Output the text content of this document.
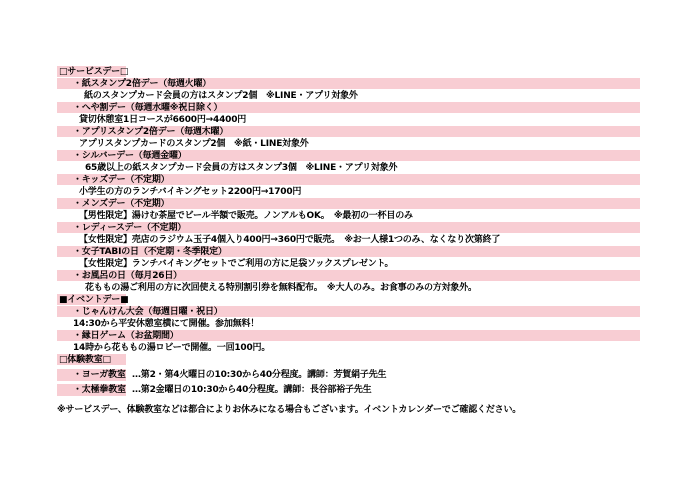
□サービスデー□
・紙スタンプ2倍デー（毎週火曜）
紙のスタンプカード会員の方はスタンプ2個　※LINE・アプリ対象外
・へや割デー（毎週水曜※祝日除く）
貸切休憩室1日コースが6600円→4400円
・アプリスタンプ2倍デー（毎週木曜）
アプリスタンプカードのスタンプ2個　※紙・LINE対象外
・シルバーデー（毎週金曜）
65歳以上の紙スタンプカード会員の方はスタンプ3個　※LINE・アプリ対象外
・キッズデー（不定期）
小学生の方のランチバイキングセット2200円→1700円
・メンズデー（不定期）
【男性限定】湯けむ茶屋でビール半額で販売。ノンアルもOK。　※最初の一杯目のみ
・レディースデー（不定期）
【女性限定】売店のラジウム玉子4個入り400円→360円で販売。　※お一人様1つのみ、なくなり次第終了
・女子TABIの日（不定期・冬季限定）
【女性限定】ランチバイキングセットでご利用の方に足袋ソックスプレゼント。
・お風呂の日（毎月26日）
花ももの湯ご利用の方に次回使える特別割引券を無料配布。　※大人のみ。お食事のみの方対象外。
■イベントデー■
・じゃんけん大会（毎週日曜・祝日）
14:30から平安休憩室横にて開催。参加無料！
・縁日ゲーム（お盆期間）
14時から花ももの湯ロビーで開催。一回100円。
□体験教室□
・ヨーガ教室 …第2・第4火曜日の10:30から40分程度。講師：芳賀絹子先生
・太極拳教室 …第2金曜日の10:30から40分程度。講師：長谷部裕子先生
※サービスデー、体験教室などは都合によりお休みになる場合もございます。イベントカレンダーでご確認ください。
